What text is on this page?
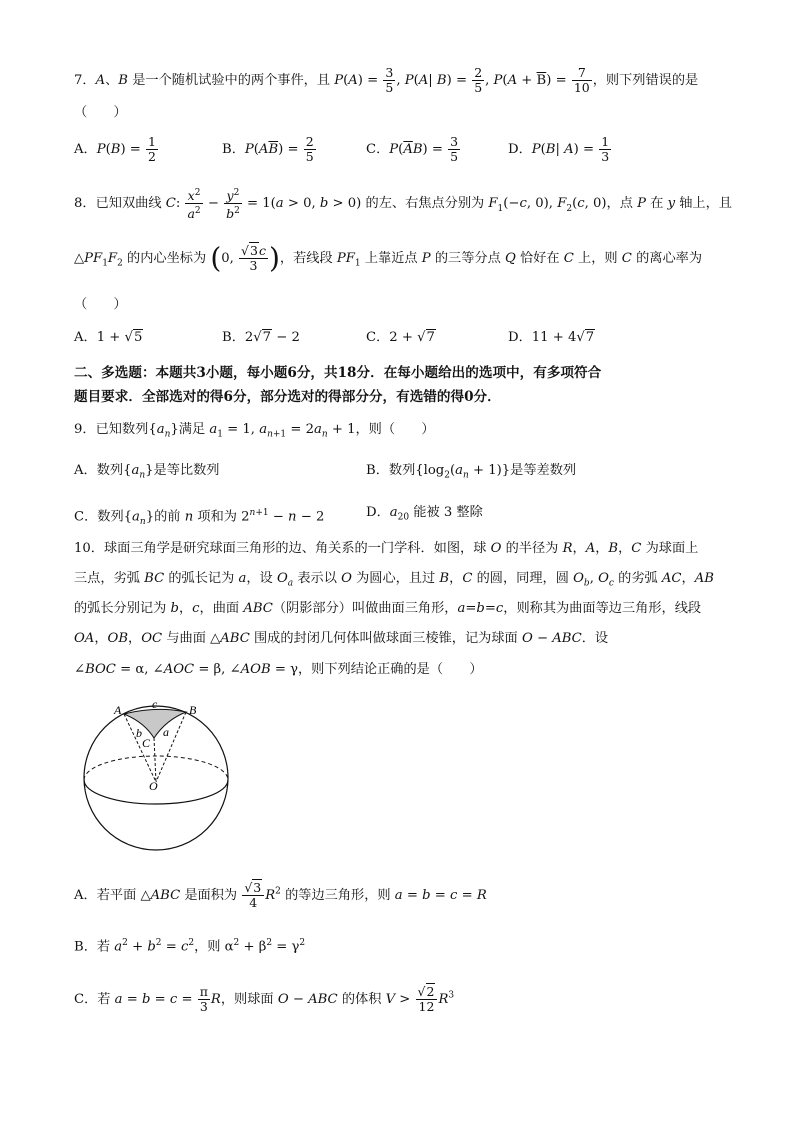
7．A、B 是一个随机试验中的两个事件，且 $P(A) = \frac{3}{5}$ , P(A| $B) = \frac{2}{5}$ , $P(A + \overline{B}) = \frac{7}{10}$ ，则下列错误的是
（　　）
A．$P(B) = \frac{1}{2}$	B．$P(A\overline{B}) = \frac{2}{5}$	C．$P(\overline{A}B) = \frac{3}{5}$	D．P(B| $A) = \frac{1}{3}$
8．已知双曲线 C: $\frac{x^2}{a^2} - \frac{y^2}{b^2} = 1(a > 0$, b > 0) 的左、右焦点分别为 $F_1(-c$, 0), $F_2(c$, 0)，点 P 在 y 轴上，且
$\triangle PF_1F_2$ 的内心坐标为 (0, $\frac{√3c}{3}$ )，若线段 $PF_1$ 上靠近点 P 的三等分点 Q 恰好在 C 上，则 C 的离心率为
（　　）
A．1 + √5	B．2√7 − 2	C．2 + √7	D．11 + 4√7
二、多选题：本题共3小题，每小题6分，共18分．在每小题给出的选项中，有多项符合
题目要求．全部选对的得6分，部分选对的得部分分，有选错的得0分．
9．已知数列$\{a_n\}$满足 $a_1 = 1$, $a_{n+1} = 2a_n + 1$，则（　　）
A．数列$\{a_n\}$是等比数列	B．数列$\{\log_2(a_n + 1)\}$是等差数列
C．数列$\{a_n\}$的前 n 项和为 $2^{n+1} - n - 2$	D．$a_{20}$ 能被 3 整除
10．球面三角学是研究球面三角形的边、角关系的一门学科．如图，球 O 的半径为 R，A，B，C 为球面上
三点，劣弧 BC 的弧长记为 a，设 $O_a$ 表示以 O 为圆心，且过 B，C 的圆，同理，圆 $O_b$, $O_c$ 的劣弧 AC，AB
的弧长分别记为 b，c，曲面 ABC（阴影部分）叫做曲面三角形，a=b=c，则称其为曲面等边三角形，线段
OA，OB，OC 与曲面 △ABC 围成的封闭几何体叫做球面三棱锥，记为球面 O − ABC．设
∠BOC = α, ∠AOC = β, ∠AOB = γ，则下列结论正确的是（　　）
A	B
C
O
a
b
c
A．若平面 △ABC 是面积为 $\frac{√3}{4} R^2$ 的等边三角形，则 a = b = c = R
B．若 $a^2 + b^2 = c^2$，则 $\alpha^2 + \beta^2 = \gamma^2$
C．若 $a = b = c = \frac{\pi}{3}$ R，则球面 O − ABC 的体积 $V > \frac{√2}{12} R^3$
